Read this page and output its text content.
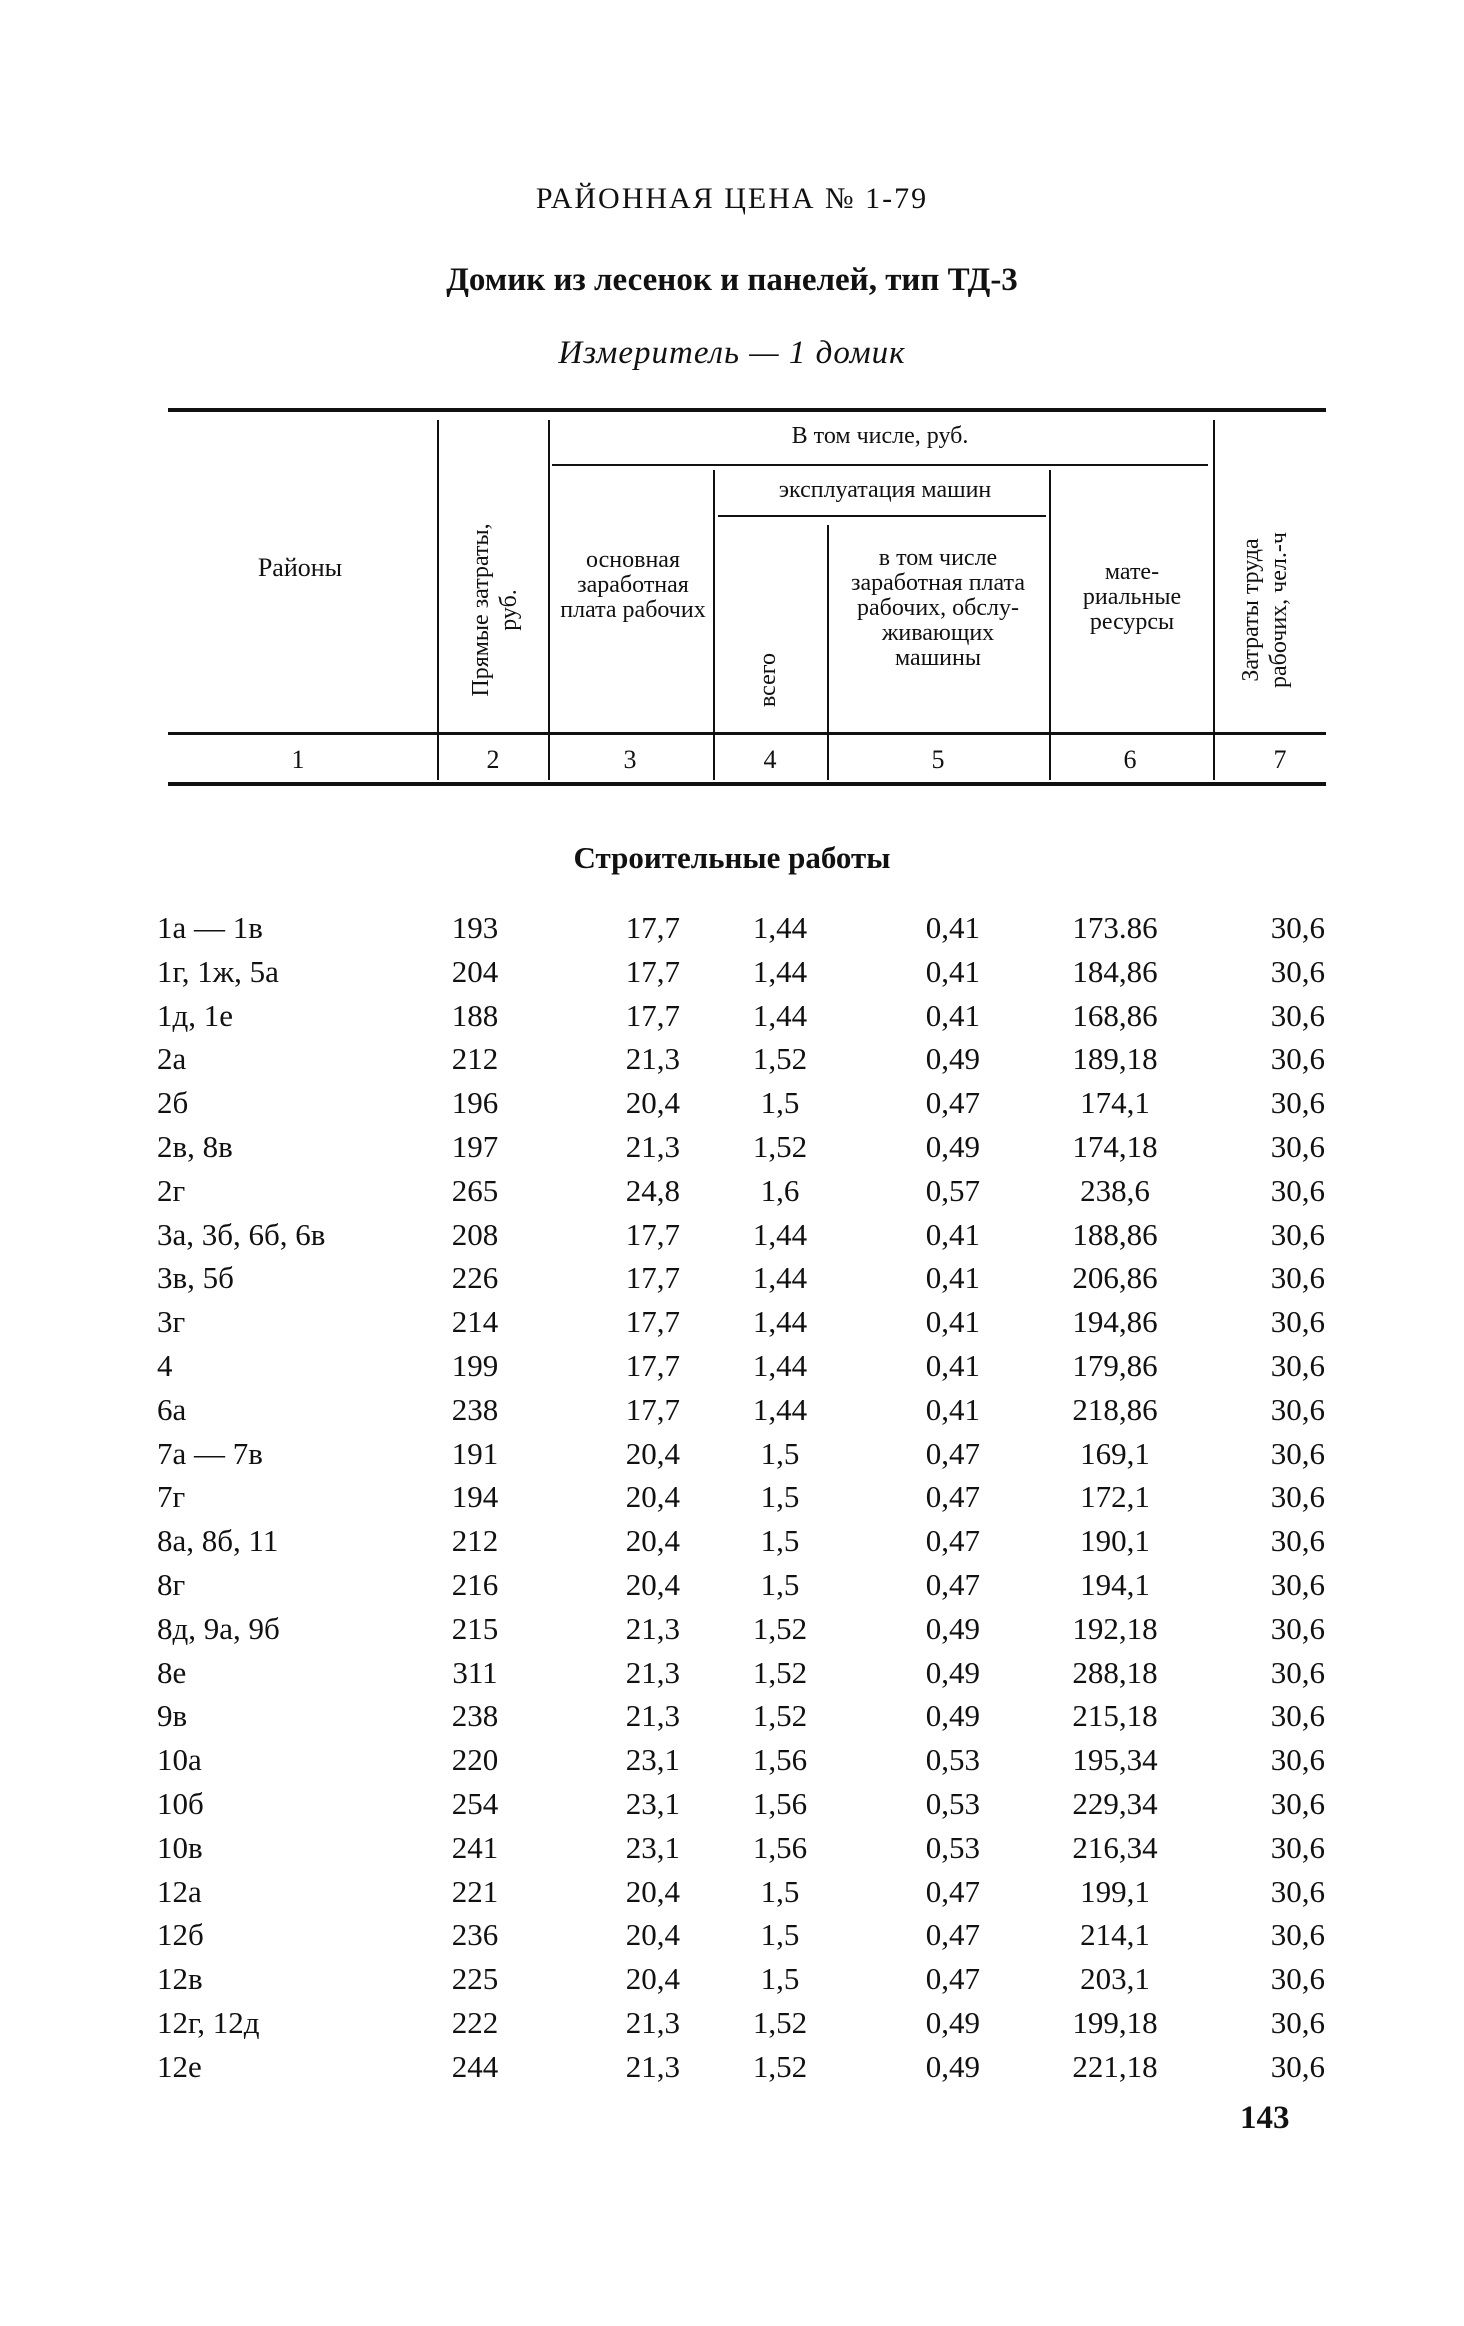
РАЙОННАЯ ЦЕНА № 1-79
Домик из лесенок и панелей, тип ТД-3
Измеритель — 1 домик
Районы	Прямые затраты, руб.
В том числе, руб.
основная заработная плата рабочих
эксплуатация машин
всего
в том числе заработная плата рабочих, обслуживающих машины
материальные ресурсы	Затраты труда рабочих, чел.-ч
1	2	3	4	5	6	7
Строительные работы
1а — 1в	193	17,7	1,44	0,41	173.86	30,6
1г, 1ж, 5а	204	17,7	1,44	0,41	184,86	30,6
1д, 1е	188	17,7	1,44	0,41	168,86	30,6
2а	212	21,3	1,52	0,49	189,18	30,6
2б	196	20,4	1,5	0,47	174,1	30,6
2в, 8в	197	21,3	1,52	0,49	174,18	30,6
2г	265	24,8	1,6	0,57	238,6	30,6
3а, 3б, 6б, 6в	208	17,7	1,44	0,41	188,86	30,6
3в, 5б	226	17,7	1,44	0,41	206,86	30,6
3г	214	17,7	1,44	0,41	194,86	30,6
4	199	17,7	1,44	0,41	179,86	30,6
6а	238	17,7	1,44	0,41	218,86	30,6
7а — 7в	191	20,4	1,5	0,47	169,1	30,6
7г	194	20,4	1,5	0,47	172,1	30,6
8а, 8б, 11	212	20,4	1,5	0,47	190,1	30,6
8г	216	20,4	1,5	0,47	194,1	30,6
8д, 9а, 9б	215	21,3	1,52	0,49	192,18	30,6
8е	311	21,3	1,52	0,49	288,18	30,6
9в	238	21,3	1,52	0,49	215,18	30,6
10а	220	23,1	1,56	0,53	195,34	30,6
10б	254	23,1	1,56	0,53	229,34	30,6
10в	241	23,1	1,56	0,53	216,34	30,6
12а	221	20,4	1,5	0,47	199,1	30,6
12б	236	20,4	1,5	0,47	214,1	30,6
12в	225	20,4	1,5	0,47	203,1	30,6
12г, 12д	222	21,3	1,52	0,49	199,18	30,6
12е	244	21,3	1,52	0,49	221,18	30,6
143
